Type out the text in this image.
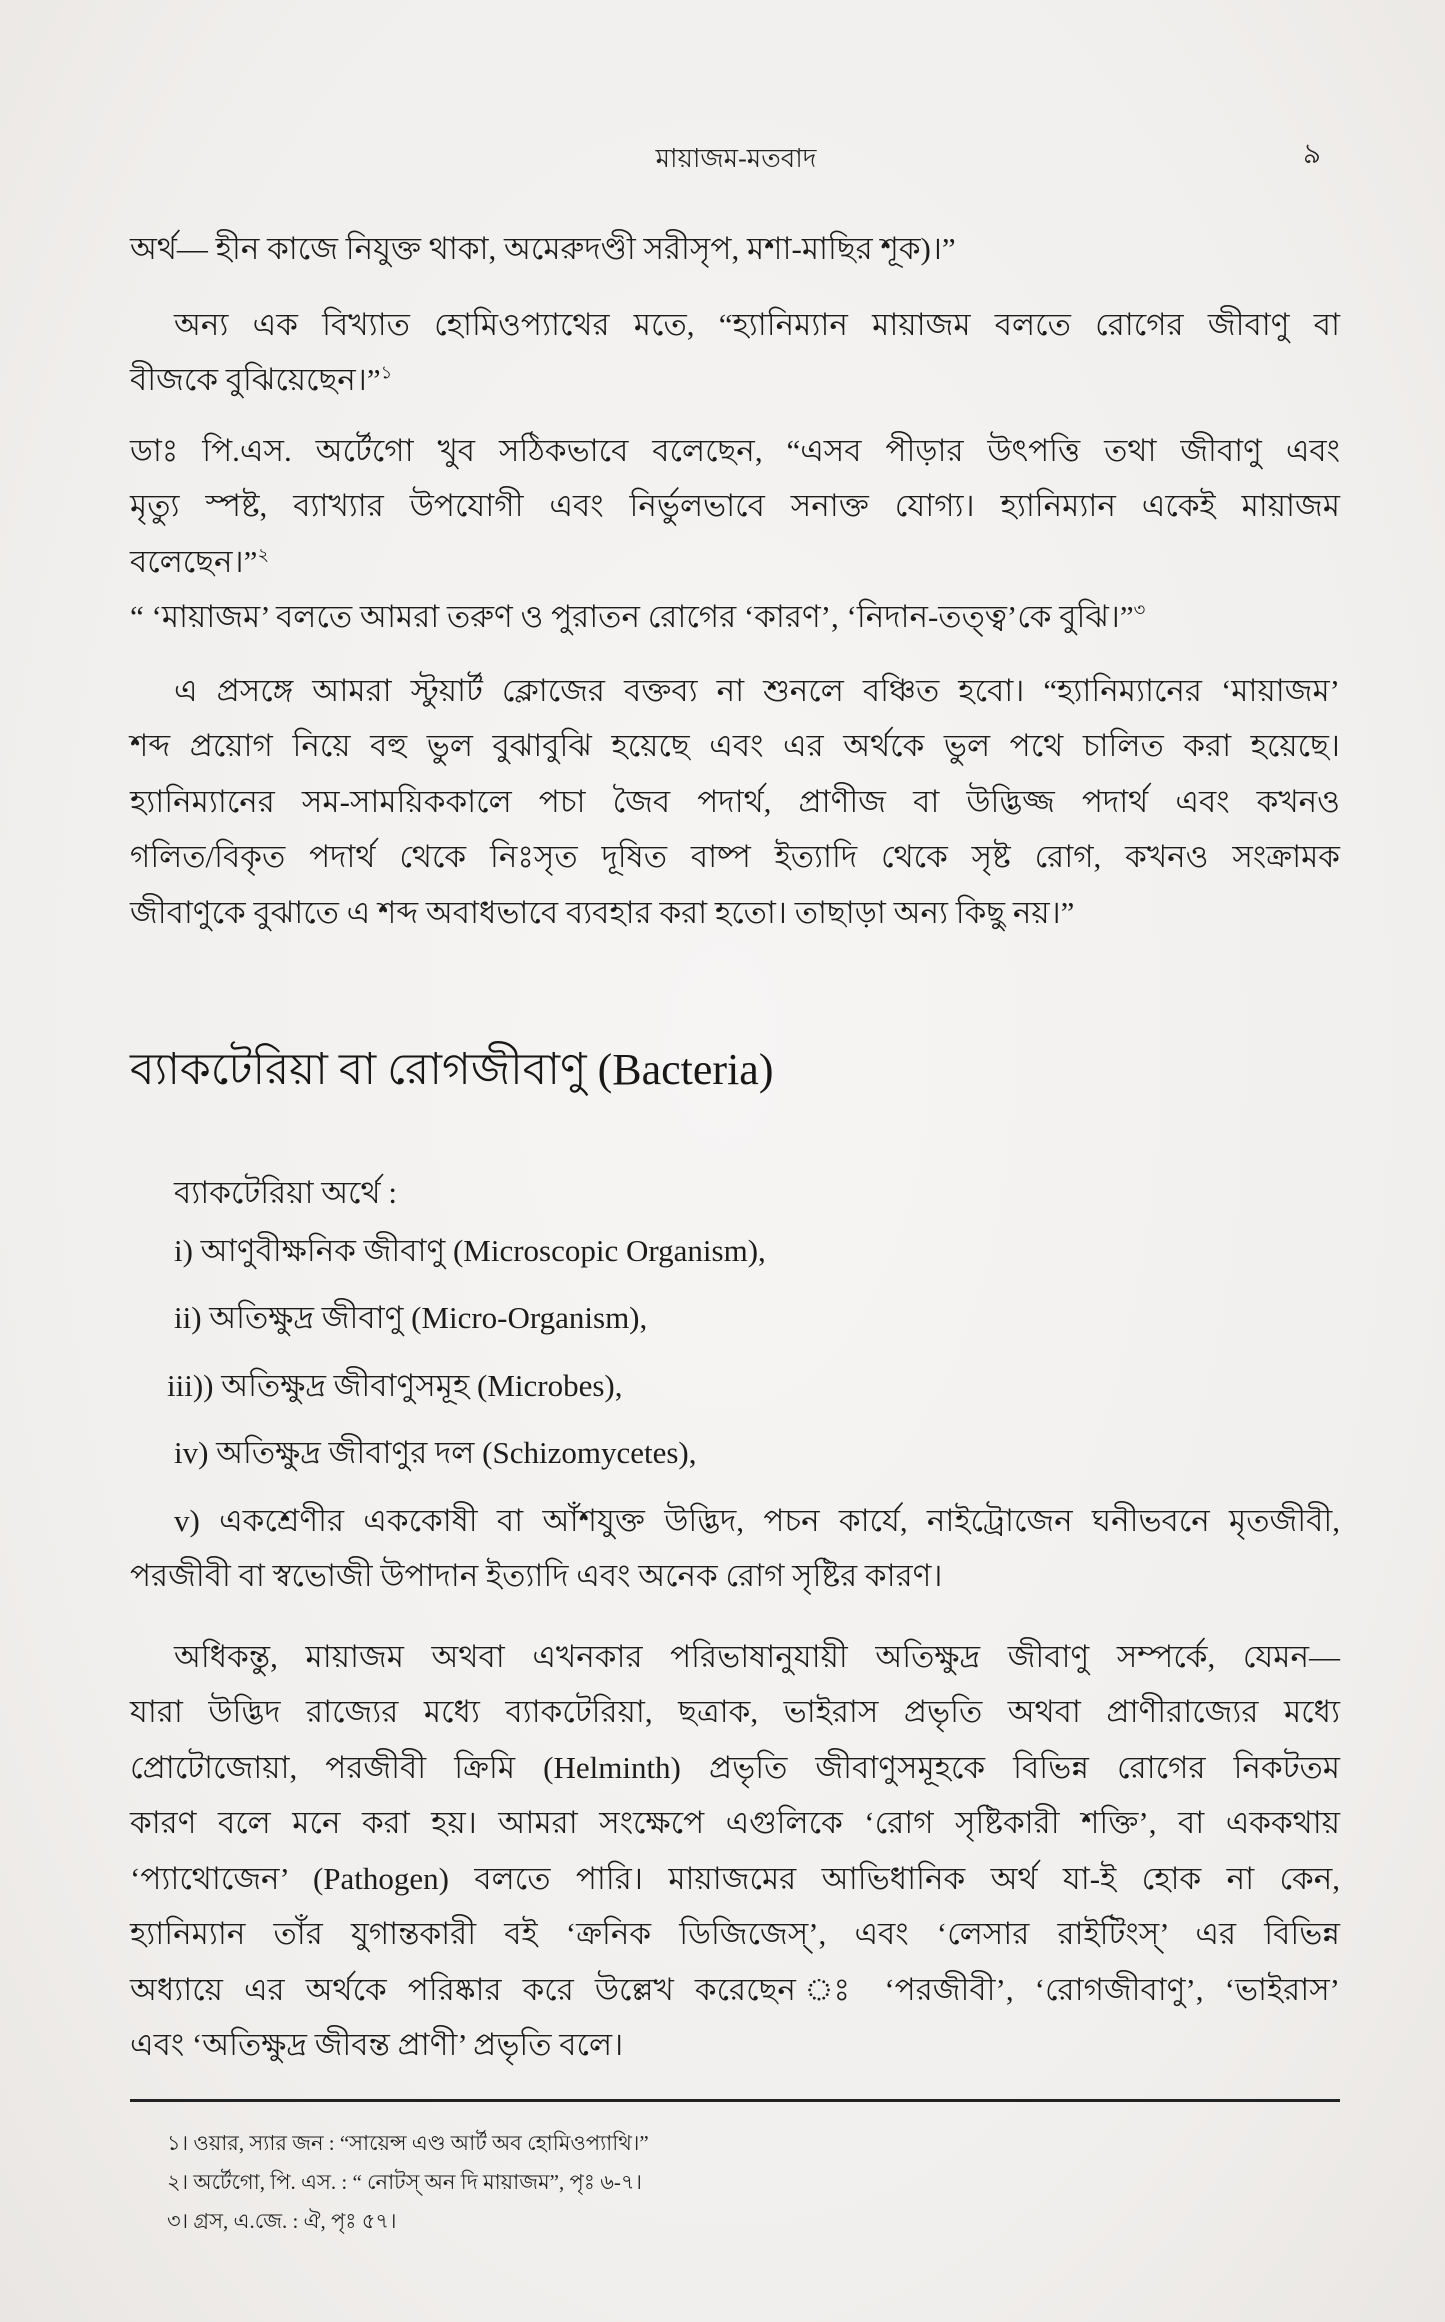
মায়াজম-মতবাদ	৯
অর্থ— হীন কাজে নিযুক্ত থাকা, অমেরুদণ্ডী সরীসৃপ, মশা-মাছির শূক)।”
অন্য এক বিখ্যাত হোমিওপ্যাথের মতে, “হ্যানিম্যান মায়াজম বলতে রোগের জীবাণু বা
বীজকে বুঝিয়েছেন।”$^১$
ডাঃ পি.এস. অর্টেগো খুব সঠিকভাবে বলেছেন, “এসব পীড়ার উৎপত্তি তথা জীবাণু এবং
মৃত্যু স্পষ্ট, ব্যাখ্যার উপযোগী এবং নির্ভুলভাবে সনাক্ত যোগ্য। হ্যানিম্যান একেই মায়াজম
বলেছেন।”$^২$
“ ‘মায়াজম’ বলতে আমরা তরুণ ও পুরাতন রোগের ‘কারণ’, ‘নিদান-তত্ত্ব’কে বুঝি।”$^৩$
এ প্রসঙ্গে আমরা স্টুয়ার্ট ক্লোজের বক্তব্য না শুনলে বঞ্চিত হবো। “হ্যানিম্যানের ‘মায়াজম’
শব্দ প্রয়োগ নিয়ে বহু ভুল বুঝাবুঝি হয়েছে এবং এর অর্থকে ভুল পথে চালিত করা হয়েছে।
হ্যানিম্যানের সম-সাময়িককালে পচা জৈব পদার্থ, প্রাণীজ বা উদ্ভিজ্জ পদার্থ এবং কখনও
গলিত/বিকৃত পদার্থ থেকে নিঃসৃত দূষিত বাষ্প ইত্যাদি থেকে সৃষ্ট রোগ, কখনও সংক্রামক
জীবাণুকে বুঝাতে এ শব্দ অবাধভাবে ব্যবহার করা হতো। তাছাড়া অন্য কিছু নয়।”
ব্যাকটেরিয়া বা রোগজীবাণু (Bacteria)
ব্যাকটেরিয়া অর্থে :
i) আণুবীক্ষনিক জীবাণু (Microscopic Organism),
ii) অতিক্ষুদ্র জীবাণু (Micro-Organism),
iii)) অতিক্ষুদ্র জীবাণুসমূহ (Microbes),
iv) অতিক্ষুদ্র জীবাণুর দল (Schizomycetes),
v) একশ্রেণীর এককোষী বা আঁশযুক্ত উদ্ভিদ, পচন কার্যে, নাইট্রোজেন ঘনীভবনে মৃতজীবী,
পরজীবী বা স্বভোজী উপাদান ইত্যাদি এবং অনেক রোগ সৃষ্টির কারণ।
অধিকন্তু, মায়াজম অথবা এখনকার পরিভাষানুযায়ী অতিক্ষুদ্র জীবাণু সম্পর্কে, যেমন—
যারা উদ্ভিদ রাজ্যের মধ্যে ব্যাকটেরিয়া, ছত্রাক, ভাইরাস প্রভৃতি অথবা প্রাণীরাজ্যের মধ্যে
প্রোটোজোয়া, পরজীবী ক্রিমি (Helminth) প্রভৃতি জীবাণুসমূহকে বিভিন্ন রোগের নিকটতম
কারণ বলে মনে করা হয়। আমরা সংক্ষেপে এগুলিকে ‘রোগ সৃষ্টিকারী শক্তি’, বা এককথায়
‘প্যাথোজেন’ (Pathogen) বলতে পারি। মায়াজমের আভিধানিক অর্থ যা-ই হোক না কেন,
হ্যানিম্যান তাঁর যুগান্তকারী বই ‘ক্রনিক ডিজিজেস্’, এবং ‘লেসার রাইটিংস্’ এর বিভিন্ন
অধ্যায়ে এর অর্থকে পরিষ্কার করে উল্লেখ করেছেন ঃ ‘পরজীবী’, ‘রোগজীবাণু’, ‘ভাইরাস’
এবং ‘অতিক্ষুদ্র জীবন্ত প্রাণী’ প্রভৃতি বলে।
১। ওয়ার, স্যার জন : “সায়েন্স এণ্ড আর্ট অব হোমিওপ্যাথি।”
২। অর্টেগো, পি. এস. : “ নোটস্ অন দি মায়াজম”, পৃঃ ৬-৭।
৩। গ্রস, এ.জে. : ঐ, পৃঃ ৫৭।
